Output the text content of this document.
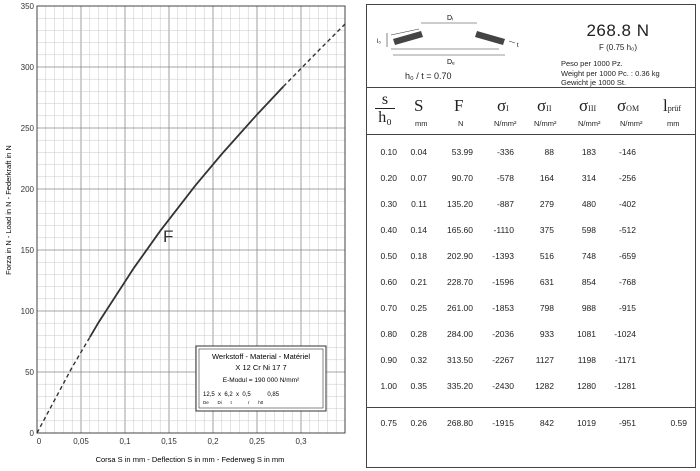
0
50
100
150
200
250
300
350
0	0,05	0,1	0,15	0,2	0,25	0,3
Forza in N - Load in N - Federkraft in N
Corsa S in mm - Deflection S in mm - Federweg S in mm
F
Werkstoff - Material - Matériel
X 12 Cr Ni 17 7
E-Modul = 190 000 N/mm²
12,5  x  6,2  x  0,5          0,85
De       Di       t             r       h0
Dᵢ
Dₑ
l₀
t
268.8 N
F (0.75 h₀)
Peso per 1000 Pz.
Weight per 1000 Pc. : 0.36 kg
Gewicht je 1000 St.
h₀ / t = 0.70
s
h₀
S
mm
F
N
σI
N/mm²
σII
N/mm²
σIII
N/mm²
σOM
N/mm²
lprüf
mm
0.10	0.04	53.99	-336	88	183	-146
0.20	0.07	90.70	-578	164	314	-256
0.30	0.11	135.20	-887	279	480	-402
0.40	0.14	165.60	-1110	375	598	-512
0.50	0.18	202.90	-1393	516	748	-659
0.60	0.21	228.70	-1596	631	854	-768
0.70	0.25	261.00	-1853	798	988	-915
0.80	0.28	284.00	-2036	933	1081	-1024
0.90	0.32	313.50	-2267	1127	1198	-1171
1.00	0.35	335.20	-2430	1282	1280	-1281
0.75	0.26	268.80	-1915	842	1019	-951	0.59
